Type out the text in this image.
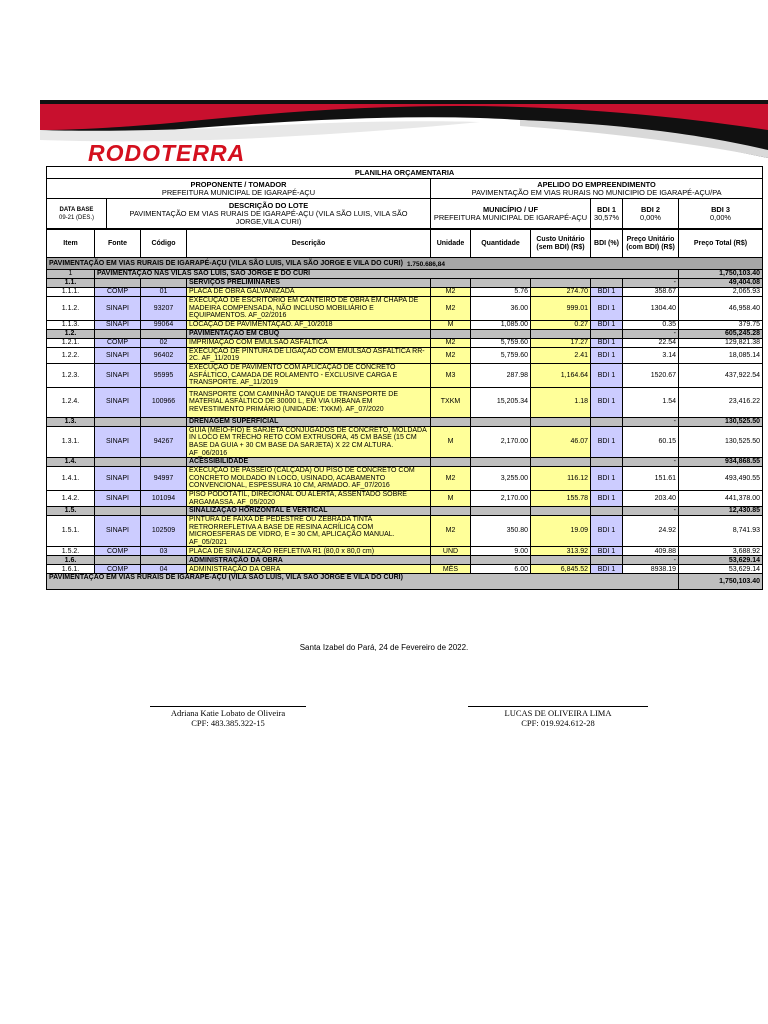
RODOTERRA
PLANILHA ORÇAMENTARIA					
PROPONENTE / TOMADOR
PREFEITURA MUNICIPAL DE IGARAPÉ-AÇU		APELIDO DO EMPREENDIMENTO
PAVIMENTAÇÃO EM VIAS RURAIS NO MUNICIPIO DE IGARAPÉ-AÇU/PA			
DATA BASE
09-21 (DES.)	DESCRIÇÃO DO LOTE
PAVIMENTAÇÃO EM VIAS RURAIS DE IGARAPÉ-AÇU (VILA SÃO LUIS, VILA SÃO JORGE,VILA CURI)	MUNICÍPIO / UF
PREFEITURA MUNICIPAL DE IGARAPÉ-AÇU	BDI 1
30,57%	BDI 2
0,00%	BDI 3
0,00%
Item	Fonte	Código	Descrição	Unidade	Quantidade	Custo Unitário (sem BDI) (R$)	BDI (%)	Preço Unitário (com BDI) (R$)	Preço Total (R$)
PAVIMENTAÇÃO EM VIAS RURAIS DE IGARAPÉ-AÇU (VILA SÃO LUIS, VILA SÃO JORGE E VILA DO CURI) 1.750.686,84									

1	PAVIMENTAÇÃO NAS VILAS SÃO LUIS, SÃO JORGE E DO CURI								1,750,103.40
1.1.			SERVIÇOS PRELIMINARES					-	49,404.08
1.1.1.	COMP	01	PLACA DE OBRA GALVANIZADA	M2	5.76	274.70	BDI 1	358.67	2,065.93
1.1.2.	SINAPI	93207	EXECUÇÃO DE ESCRITÓRIO EM CANTEIRO DE OBRA EM CHAPA DE MADEIRA COMPENSADA, NÃO INCLUSO MOBILIÁRIO E EQUIPAMENTOS. AF_02/2016	M2	36.00	999.01	BDI 1	1304.40	46,958.40
1.1.3.	SINAPI	99064	LOCAÇÃO DE PAVIMENTAÇÃO. AF_10/2018	M	1,085.00	0.27	BDI 1	0.35	379.75
1.2.			PAVIMENTAÇÃO EM CBUQ					-	605,245.28
1.2.1.	COMP	02	IMPRIMAÇÃO COM EMULSÃO ASFÁLTICA	M2	5,759.60	17.27	BDI 1	22.54	129,821.38
1.2.2.	SINAPI	96402	EXECUÇÃO DE PINTURA DE LIGAÇÃO COM EMULSÃO ASFÁLTICA RR-2C. AF_11/2019	M2	5,759.60	2.41	BDI 1	3.14	18,085.14
1.2.3.	SINAPI	95995	EXECUÇÃO DE PAVIMENTO COM APLICAÇÃO DE CONCRETO ASFÁLTICO, CAMADA DE ROLAMENTO - EXCLUSIVE CARGA E TRANSPORTE. AF_11/2019	M3	287.98	1,164.64	BDI 1	1520.67	437,922.54
1.2.4.	SINAPI	100966	TRANSPORTE COM CAMINHÃO TANQUE DE TRANSPORTE DE MATERIAL ASFÁLTICO DE 30000 L, EM VIA URBANA EM REVESTIMENTO PRIMÁRIO (UNIDADE: TXKM). AF_07/2020	TXKM	15,205.34	1.18	BDI 1	1.54	23,416.22
1.3.			DRENAGEM SUPERFICIAL					-	130,525.50
1.3.1.	SINAPI	94267	GUIA (MEIO-FIO) E SARJETA CONJUGADOS DE CONCRETO, MOLDADA IN LOCO EM TRECHO RETO COM EXTRUSORA, 45 CM BASE (15 CM BASE DA GUIA + 30 CM BASE DA SARJETA) X 22 CM ALTURA. AF_06/2016	M	2,170.00	46.07	BDI 1	60.15	130,525.50
1.4.			ACESSIBILIDADE					-	934,868.55
1.4.1.	SINAPI	94997	EXECUÇÃO DE PASSEIO (CALÇADA) OU PISO DE CONCRETO COM CONCRETO MOLDADO IN LOCO, USINADO, ACABAMENTO CONVENCIONAL, ESPESSURA 10 CM, ARMADO. AF_07/2016	M2	3,255.00	116.12	BDI 1	151.61	493,490.55
1.4.2.	SINAPI	101094	PISO PODOTÁTIL, DIRECIONAL OU ALERTA, ASSENTADO SOBRE ARGAMASSA. AF_05/2020	M	2,170.00	155.78	BDI 1	203.40	441,378.00
1.5.			SINALIZAÇÃO HORIZONTAL E VERTICAL					-	12,430.85
1.5.1.	SINAPI	102509	PINTURA DE FAIXA DE PEDESTRE OU ZEBRADA TINTA RETRORREFLETIVA A BASE DE RESINA ACRÍLICA COM MICROESFERAS DE VIDRO, E = 30 CM, APLICAÇÃO MANUAL. AF_05/2021	M2	350.80	19.09	BDI 1	24.92	8,741.93
1.5.2.	COMP	03	PLACA DE SINALIZAÇÃO REFLETIVA R1 (80,0 x 80,0 cm)	UND	9.00	313.92	BDI 1	409.88	3,688.92
1.6.			ADMINISTRAÇÃO DA OBRA					-	53,629.14
1.6.1.	COMP	04	ADMINISTRAÇÃO DA OBRA	MÊS	6.00	6,845.52	BDI 1	8938.19	53,629.14
PAVIMENTAÇÃO EM VIAS RURAIS DE IGARAPÉ-AÇU (VILA SÃO LUIS, VILA SÃO JORGE E VILA DO CURI)									1,750,103.40
Santa Izabel do Pará, 24 de Fevereiro de 2022.
Adriana Katie Lobato de Oliveira
CPF: 483.385.322-15
LUCAS DE OLIVEIRA LIMA
CPF: 019.924.612-28
